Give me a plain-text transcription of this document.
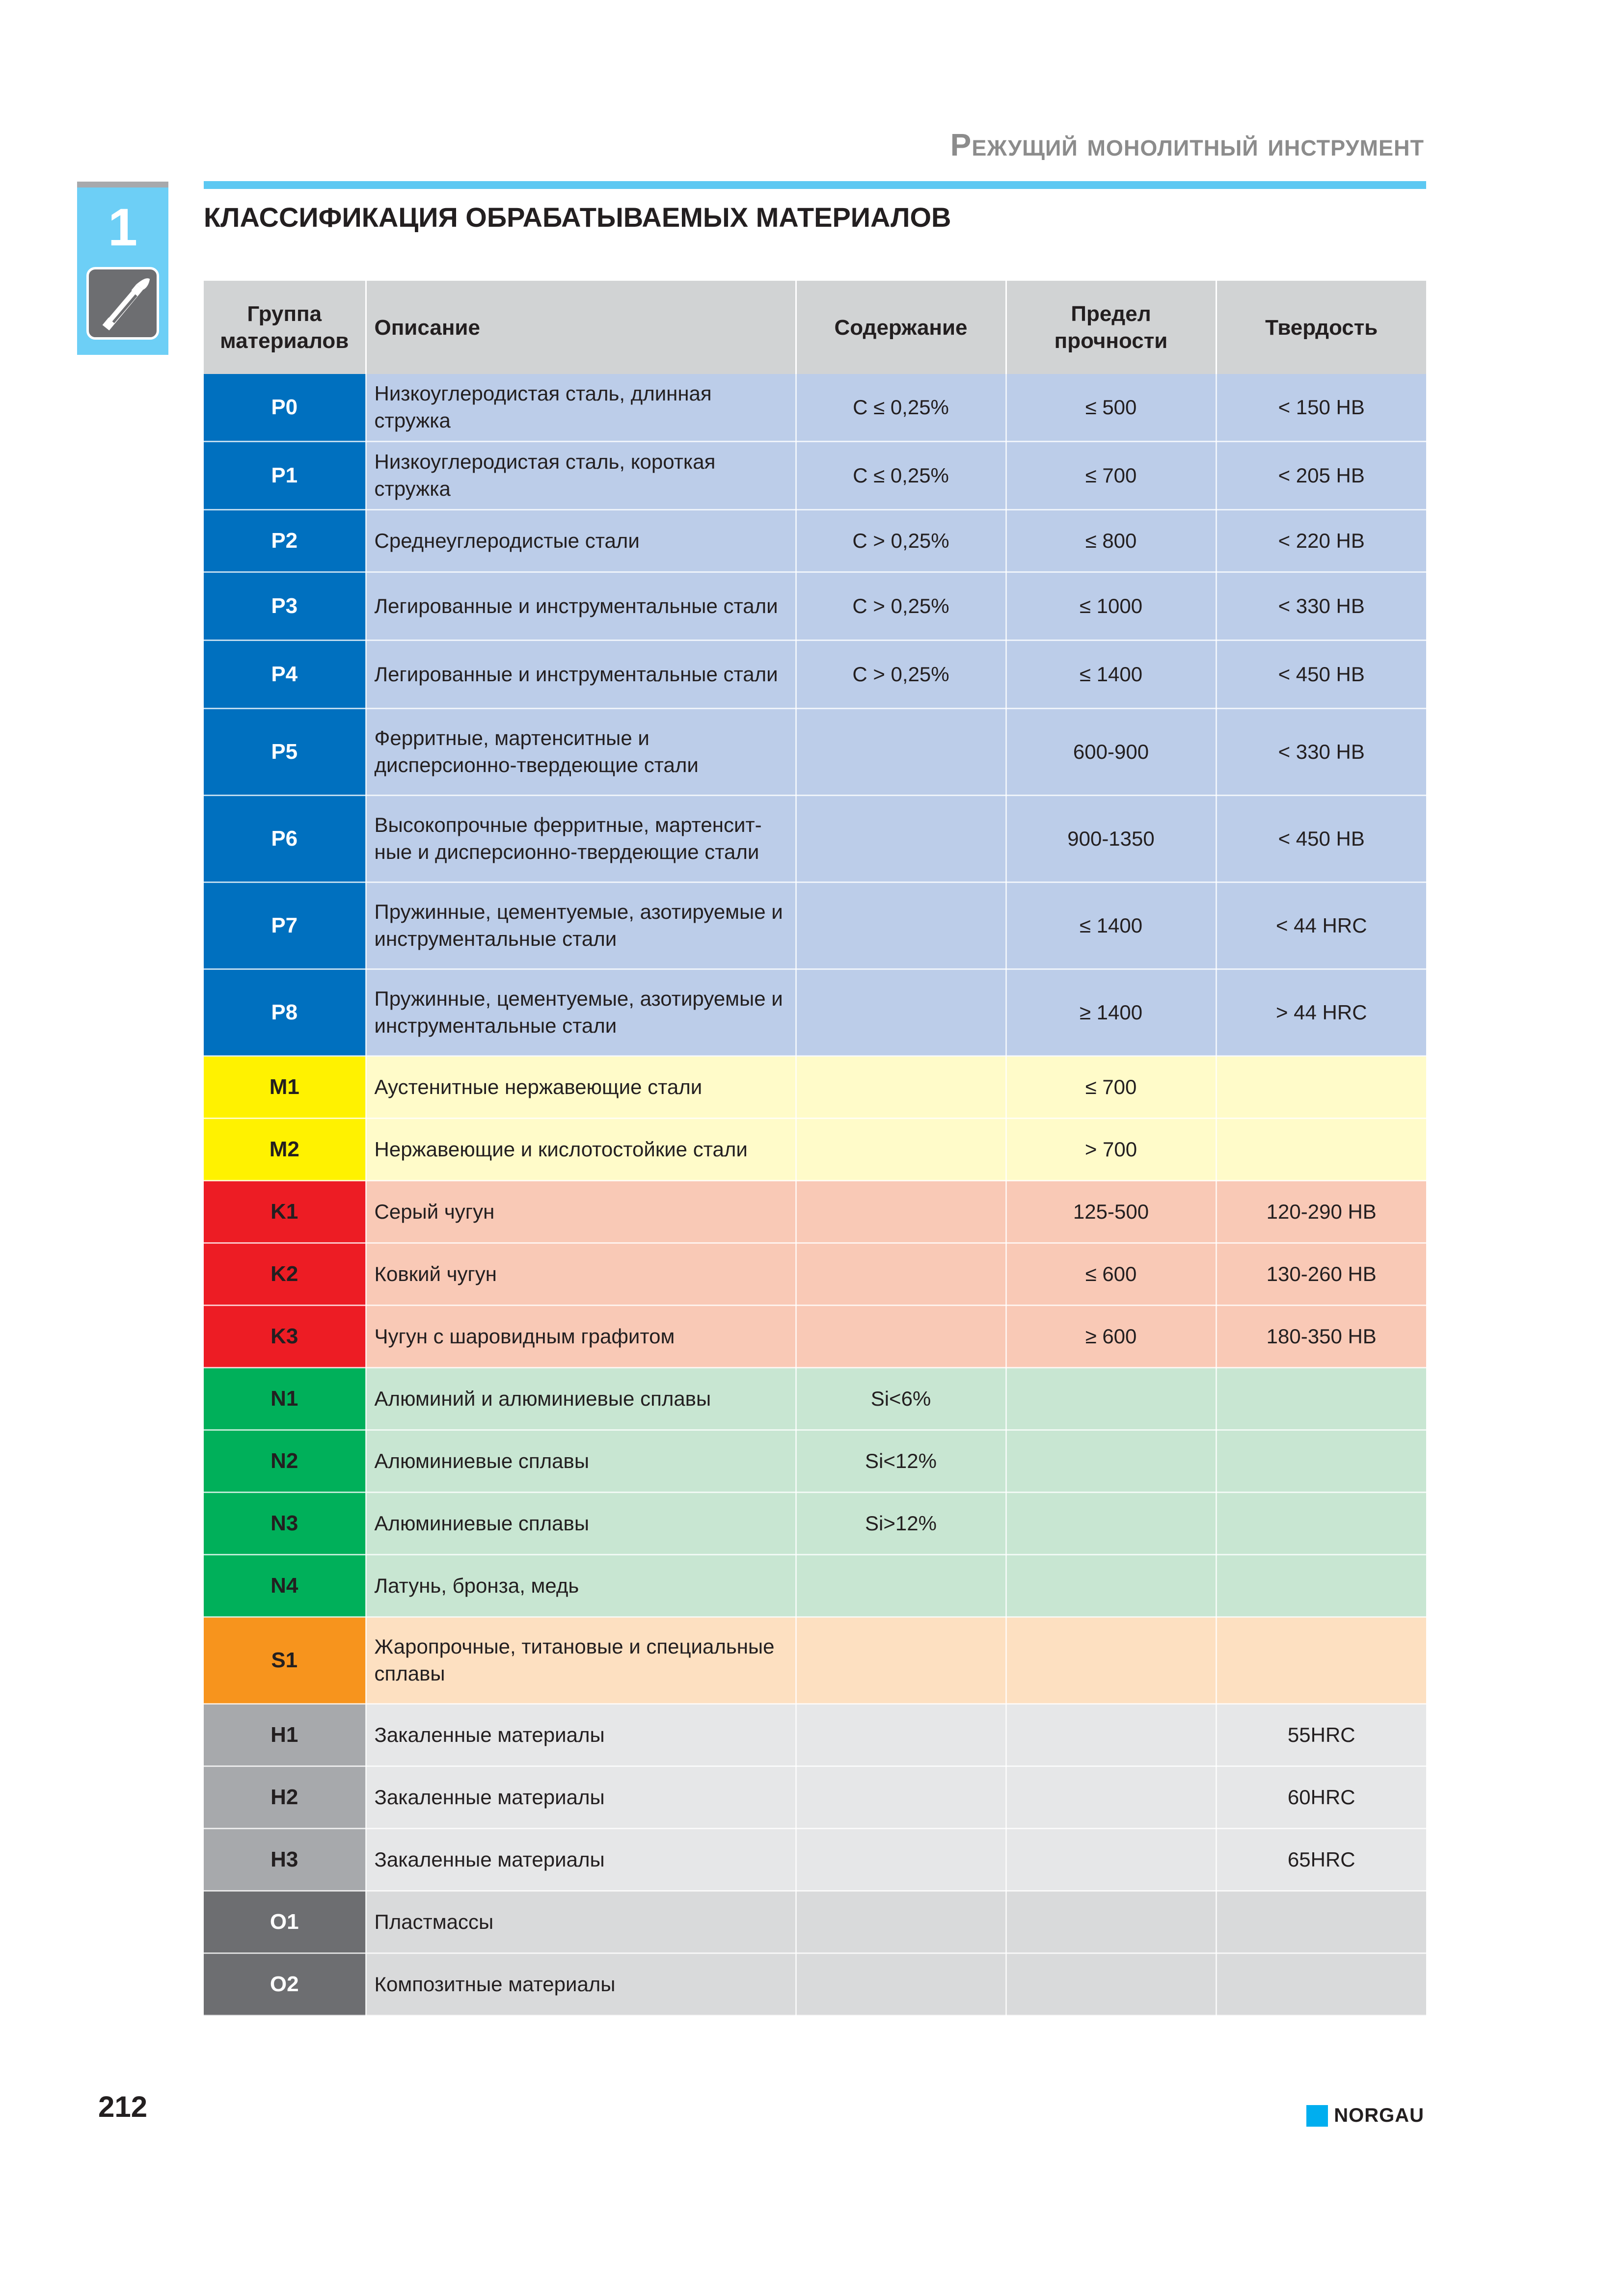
Режущий монолитный инструмент
КЛАССИФИКАЦИЯ ОБРАБАТЫВАЕМЫХ МАТЕРИАЛОВ
1
Группа материалов	Описание	Содержание	Предел прочности	Твердость
P0	Низкоуглеродистая сталь, длинная стружка	C ≤ 0,25%	≤ 500	< 150 HB
P1	Низкоуглеродистая сталь, короткая стружка	C ≤ 0,25%	≤ 700	< 205 HB
P2	Среднеуглеродистые стали	C > 0,25%	≤ 800	< 220 HB
P3	Легированные и инструментальные стали	C > 0,25%	≤ 1000	< 330 HB
P4	Легированные и инструментальные стали	C > 0,25%	≤ 1400	< 450 HB
P5	Ферритные, мартенситные и дисперсионно-твердеющие стали		600-900	< 330 HB
P6	Высокопрочные ферритные, мартенсит-ные и дисперсионно-твердеющие стали		900-1350	< 450 HB
P7	Пружинные, цементуемые, азотируемые и инструментальные стали		≤ 1400	< 44 HRC
P8	Пружинные, цементуемые, азотируемые и инструментальные стали		≥ 1400	> 44 HRC
M1	Аустенитные нержавеющие стали		≤ 700	
M2	Нержавеющие и кислотостойкие стали		> 700	
K1	Серый чугун		125-500	120-290 HB
K2	Ковкий чугун		≤ 600	130-260 HB
K3	Чугун с шаровидным графитом		≥ 600	180-350 HB
N1	Алюминий и алюминиевые сплавы	Si<6%		
N2	Алюминиевые сплавы	Si<12%		
N3	Алюминиевые сплавы	Si>12%		
N4	Латунь, бронза, медь			
S1	Жаропрочные, титановые и специальные сплавы			
H1	Закаленные материалы			55HRC
H2	Закаленные материалы			60HRC
H3	Закаленные материалы			65HRC
O1	Пластмассы			
O2	Композитные материалы			
212	NORGAU
